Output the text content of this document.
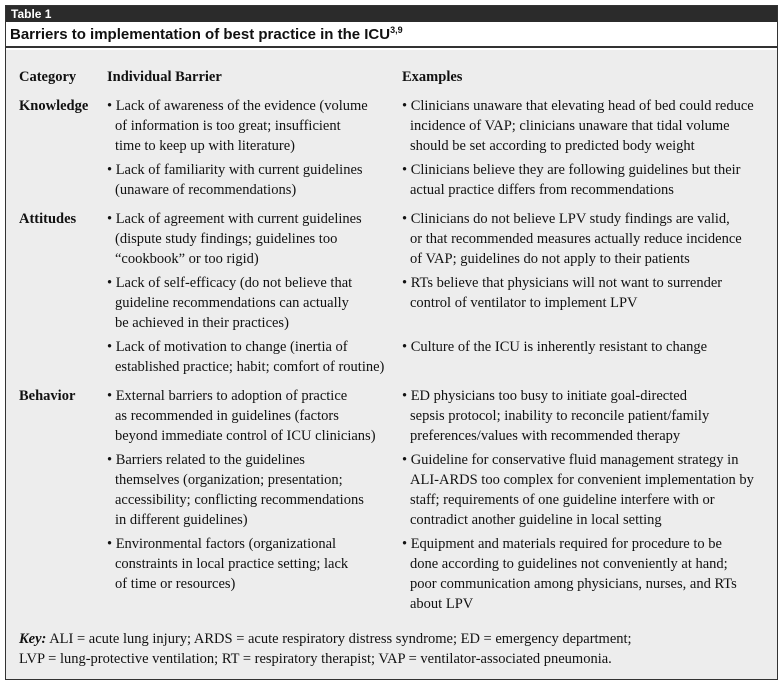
Table 1
Barriers to implementation of best practice in the ICU$^{3,9}$
Category Individual Barrier	Examples
Knowledge • Lack of awareness of the evidence (volume
of information is too great; insufficient
time to keep up with literature)
• Clinicians unaware that elevating head of bed could reduce
incidence of VAP; clinicians unaware that tidal volume
should be set according to predicted body weight
• Lack of familiarity with current guidelines
(unaware of recommendations)
• Clinicians believe they are following guidelines but their
actual practice differs from recommendations
Attitudes • Lack of agreement with current guidelines
(dispute study findings; guidelines too
“cookbook” or too rigid)
• Clinicians do not believe LPV study findings are valid,
or that recommended measures actually reduce incidence
of VAP; guidelines do not apply to their patients
• Lack of self-efficacy (do not believe that
guideline recommendations can actually
be achieved in their practices)
• RTs believe that physicians will not want to surrender
control of ventilator to implement LPV
• Lack of motivation to change (inertia of
established practice; habit; comfort of routine)
• Culture of the ICU is inherently resistant to change
Behavior • External barriers to adoption of practice
as recommended in guidelines (factors
beyond immediate control of ICU clinicians)
• ED physicians too busy to initiate goal-directed
sepsis protocol; inability to reconcile patient/family
preferences/values with recommended therapy
• Barriers related to the guidelines
themselves (organization; presentation;
accessibility; conflicting recommendations
in different guidelines)
• Guideline for conservative fluid management strategy in
ALI-ARDS too complex for convenient implementation by
staff; requirements of one guideline interfere with or
contradict another guideline in local setting
• Environmental factors (organizational
constraints in local practice setting; lack
of time or resources)
• Equipment and materials required for procedure to be
done according to guidelines not conveniently at hand;
poor communication among physicians, nurses, and RTs
about LPV
Key: ALI = acute lung injury; ARDS = acute respiratory distress syndrome; ED = emergency department;
LVP = lung-protective ventilation; RT = respiratory therapist; VAP = ventilator-associated pneumonia.
